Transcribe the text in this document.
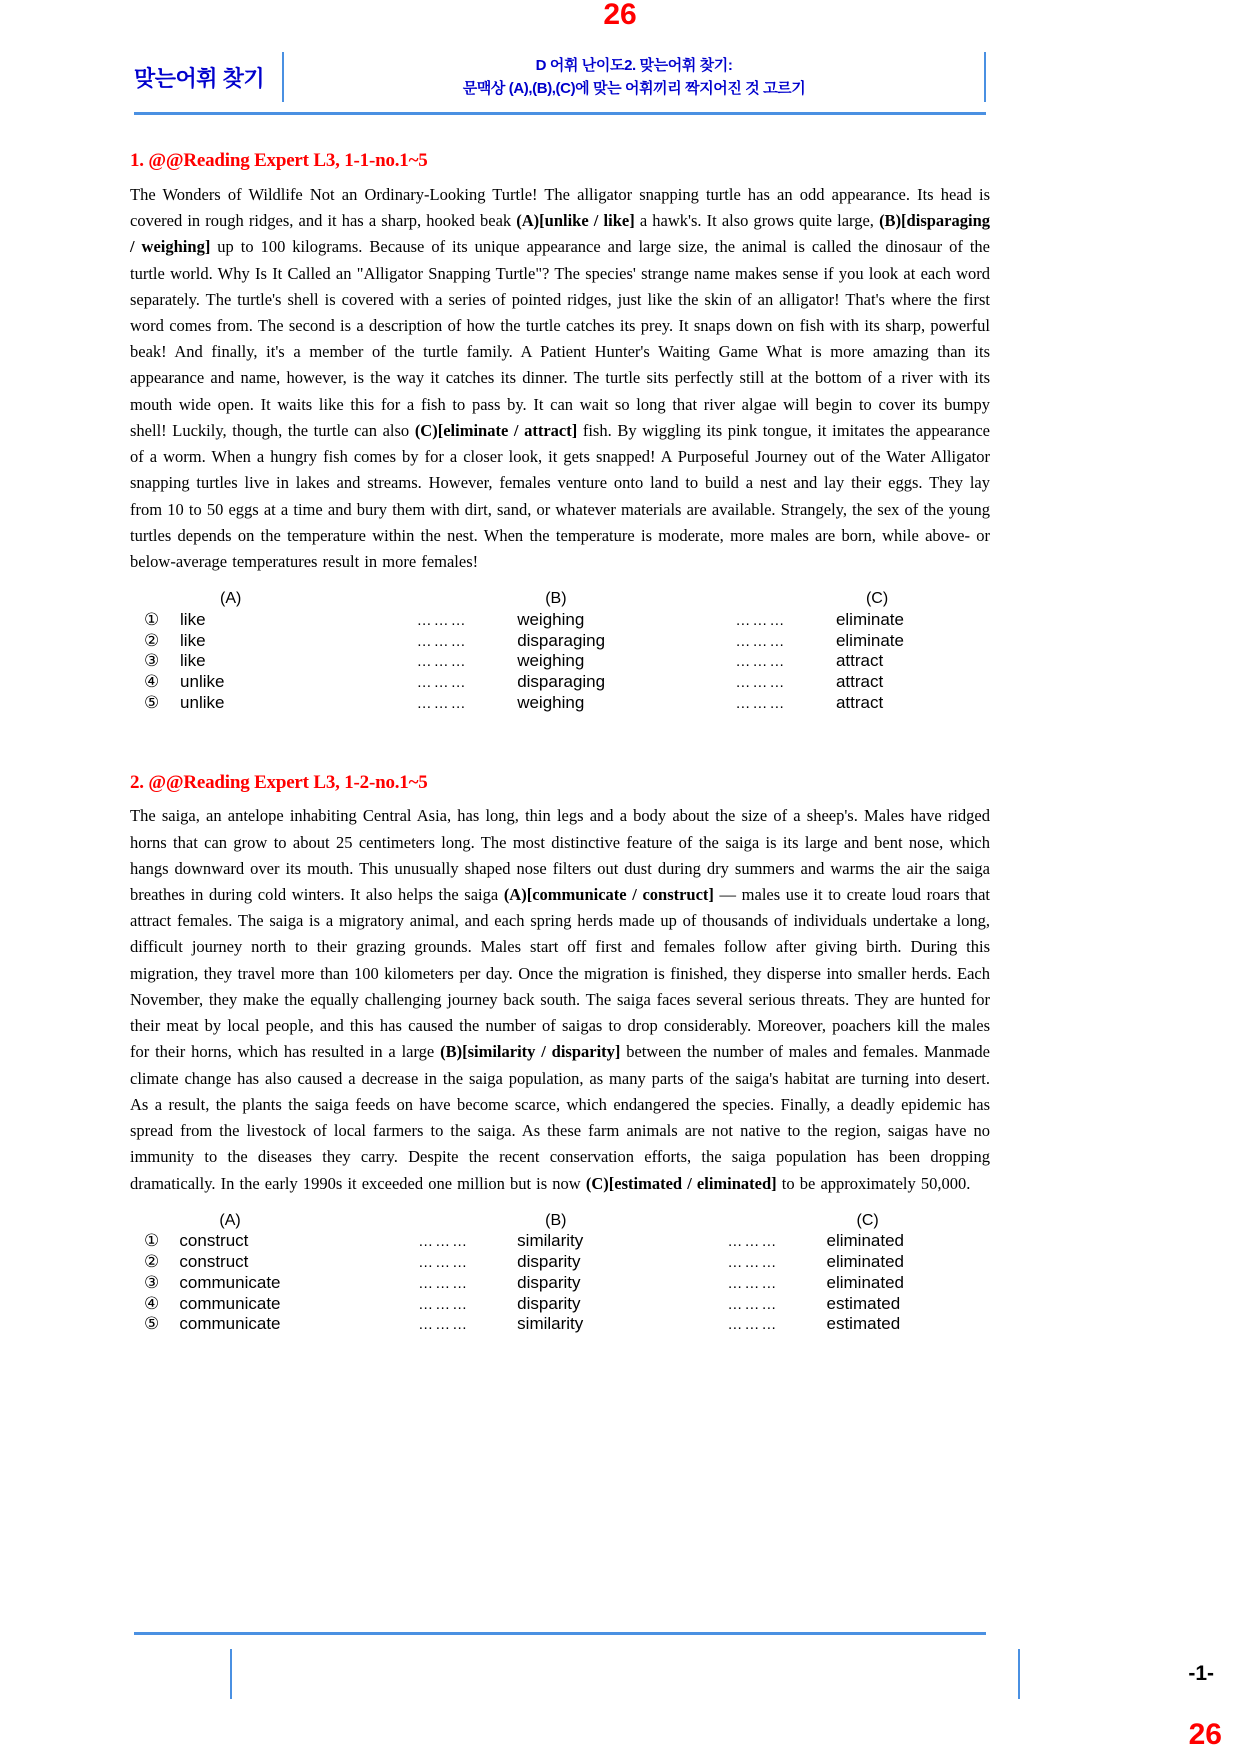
26
맞는어휘 찾기
D 어휘 난이도2. 맞는어휘 찾기:
문맥상 (A),(B),(C)에 맞는 어휘끼리 짝지어진 것 고르기
1. @@Reading Expert L3, 1-1-no.1~5
The Wonders of Wildlife Not an Ordinary-Looking Turtle! The alligator snapping turtle has an odd appearance. Its head is covered in rough ridges, and it has a sharp, hooked beak (A)[unlike / like] a hawk's. It also grows quite large, (B)[disparaging / weighing] up to 100 kilograms. Because of its unique appearance and large size, the animal is called the dinosaur of the turtle world. Why Is It Called an "Alligator Snapping Turtle"? The species' strange name makes sense if you look at each word separately. The turtle's shell is covered with a series of pointed ridges, just like the skin of an alligator! That's where the first word comes from. The second is a description of how the turtle catches its prey. It snaps down on fish with its sharp, powerful beak! And finally, it's a member of the turtle family. A Patient Hunter's Waiting Game What is more amazing than its appearance and name, however, is the way it catches its dinner. The turtle sits perfectly still at the bottom of a river with its mouth wide open. It waits like this for a fish to pass by. It can wait so long that river algae will begin to cover its bumpy shell! Luckily, though, the turtle can also (C)[eliminate / attract] fish. By wiggling its pink tongue, it imitates the appearance of a worm. When a hungry fish comes by for a closer look, it gets snapped! A Purposeful Journey out of the Water Alligator snapping turtles live in lakes and streams. However, females venture onto land to build a nest and lay their eggs. They lay from 10 to 50 eggs at a time and bury them with dirt, sand, or whatever materials are available. Strangely, the sex of the young turtles depends on the temperature within the nest. When the temperature is moderate, more males are born, while above- or below-average temperatures result in more females!
	(A)		(B)		(C)
①	like	………	weighing	………	eliminate
②	like	………	disparaging	………	eliminate
③	like	………	weighing	………	attract
④	unlike	………	disparaging	………	attract
⑤	unlike	………	weighing	………	attract
2. @@Reading Expert L3, 1-2-no.1~5
The saiga, an antelope inhabiting Central Asia, has long, thin legs and a body about the size of a sheep's. Males have ridged horns that can grow to about 25 centimeters long. The most distinctive feature of the saiga is its large and bent nose, which hangs downward over its mouth. This unusually shaped nose filters out dust during dry summers and warms the air the saiga breathes in during cold winters. It also helps the saiga (A)[communicate / construct] — males use it to create loud roars that attract females. The saiga is a migratory animal, and each spring herds made up of thousands of individuals undertake a long, difficult journey north to their grazing grounds. Males start off first and females follow after giving birth. During this migration, they travel more than 100 kilometers per day. Once the migration is finished, they disperse into smaller herds. Each November, they make the equally challenging journey back south. The saiga faces several serious threats. They are hunted for their meat by local people, and this has caused the number of saigas to drop considerably. Moreover, poachers kill the males for their horns, which has resulted in a large (B)[similarity / disparity] between the number of males and females. Manmade climate change has also caused a decrease in the saiga population, as many parts of the saiga's habitat are turning into desert. As a result, the plants the saiga feeds on have become scarce, which endangered the species. Finally, a deadly epidemic has spread from the livestock of local farmers to the saiga. As these farm animals are not native to the region, saigas have no immunity to the diseases they carry. Despite the recent conservation efforts, the saiga population has been dropping dramatically. In the early 1990s it exceeded one million but is now (C)[estimated / eliminated] to be approximately 50,000.
	(A)		(B)		(C)
①	construct	………	similarity	………	eliminated
②	construct	………	disparity	………	eliminated
③	communicate	………	disparity	………	eliminated
④	communicate	………	disparity	………	estimated
⑤	communicate	………	similarity	………	estimated
-1-
26
